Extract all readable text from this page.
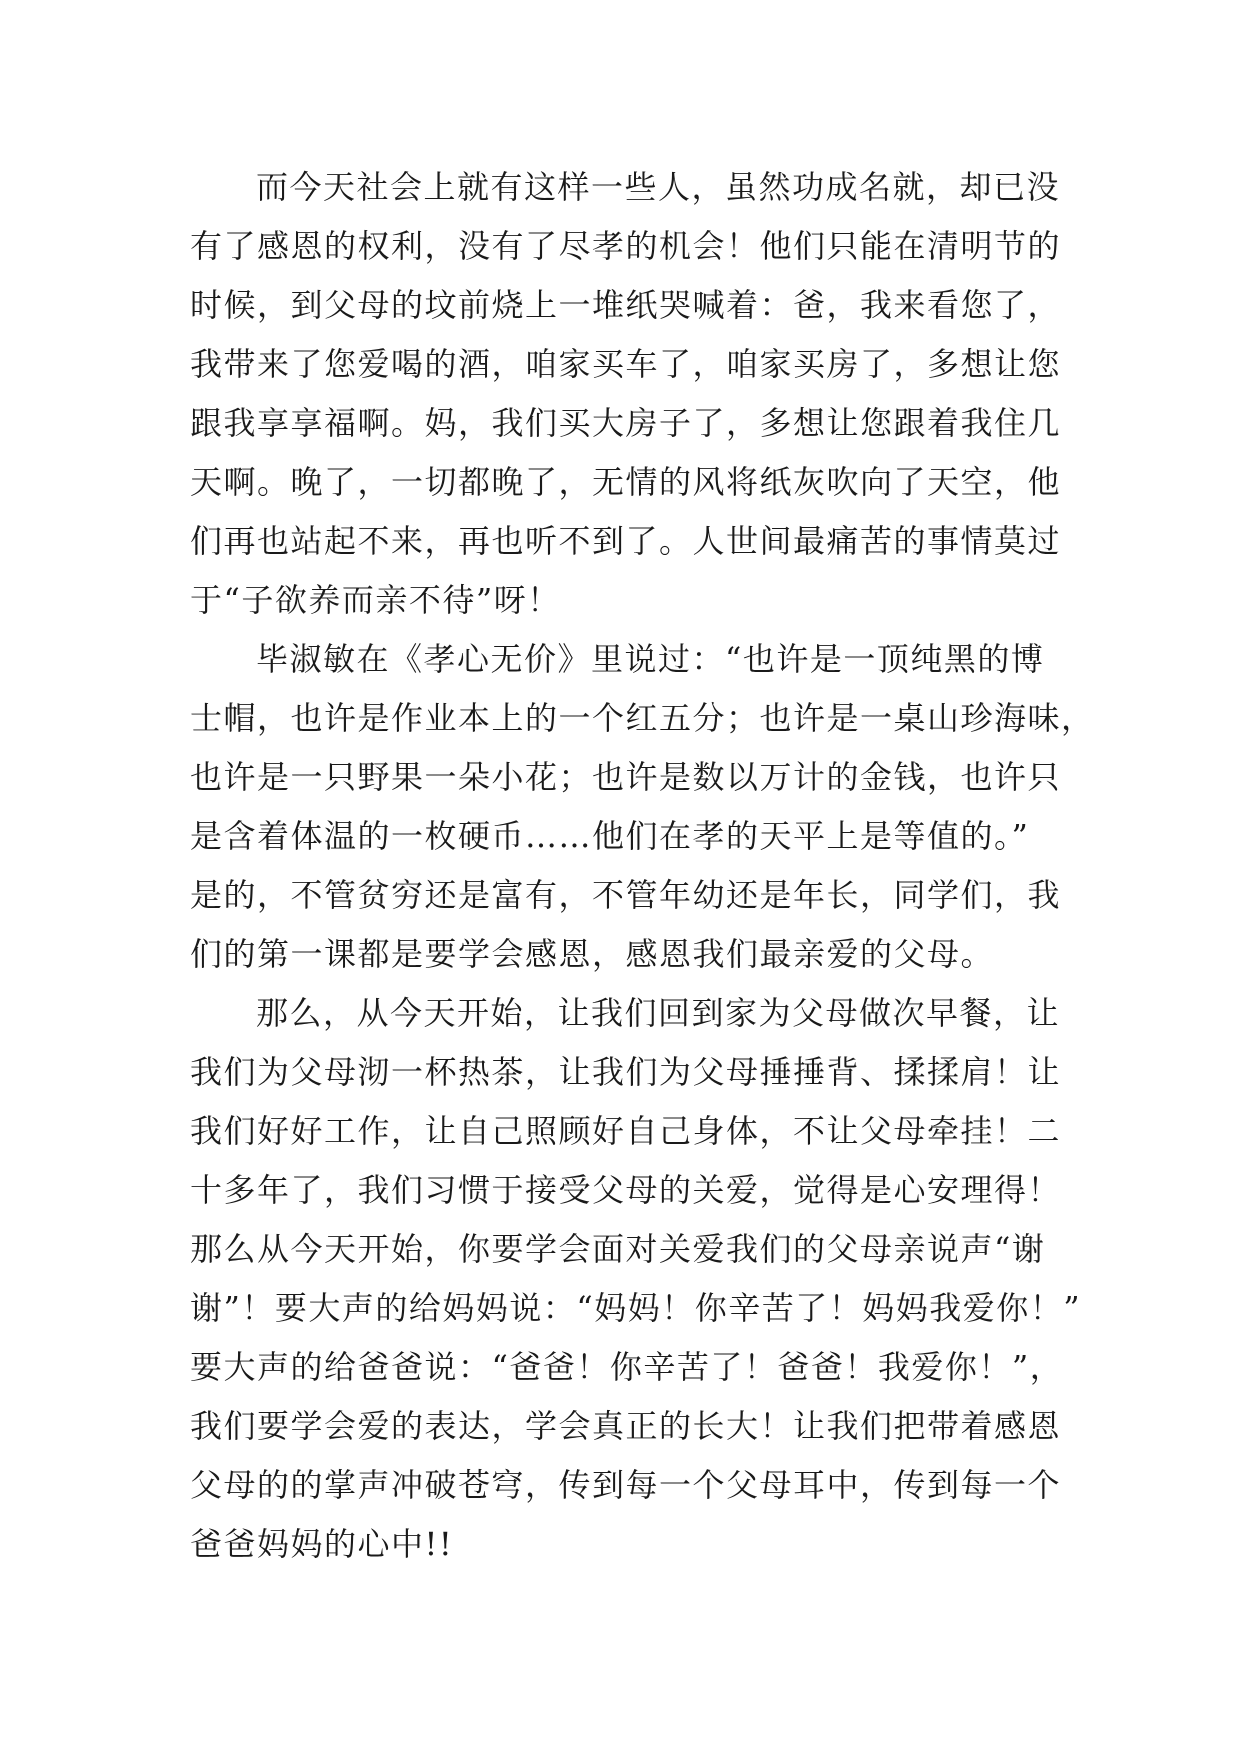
而今天社会上就有这样一些人，虽然功成名就，却已没
有了感恩的权利，没有了尽孝的机会！他们只能在清明节的
时候，到父母的坟前烧上一堆纸哭喊着：爸，我来看您了，
我带来了您爱喝的酒，咱家买车了，咱家买房了，多想让您
跟我享享福啊。妈，我们买大房子了，多想让您跟着我住几
天啊。晚了，一切都晚了，无情的风将纸灰吹向了天空，他
们再也站起不来，再也听不到了。人世间最痛苦的事情莫过
于“子欲养而亲不待”呀！
毕淑敏在《孝心无价》里说过：“也许是一顶纯黑的博
士帽，也许是作业本上的一个红五分；也许是一桌山珍海味，
也许是一只野果一朵小花；也许是数以万计的金钱，也许只
是含着体温的一枚硬币……他们在孝的天平上是等值的。”
是的，不管贫穷还是富有，不管年幼还是年长，同学们，我
们的第一课都是要学会感恩，感恩我们最亲爱的父母。
那么，从今天开始，让我们回到家为父母做次早餐，让
我们为父母沏一杯热茶，让我们为父母捶捶背、揉揉肩！让
我们好好工作，让自己照顾好自己身体，不让父母牵挂！二
十多年了，我们习惯于接受父母的关爱，觉得是心安理得！
那么从今天开始，你要学会面对关爱我们的父母亲说声“谢
谢”！要大声的给妈妈说：“妈妈！你辛苦了！妈妈我爱你！”
要大声的给爸爸说：“爸爸！你辛苦了！爸爸！我爱你！”，
我们要学会爱的表达，学会真正的长大！让我们把带着感恩
父母的的掌声冲破苍穹，传到每一个父母耳中，传到每一个
爸爸妈妈的心中!!
